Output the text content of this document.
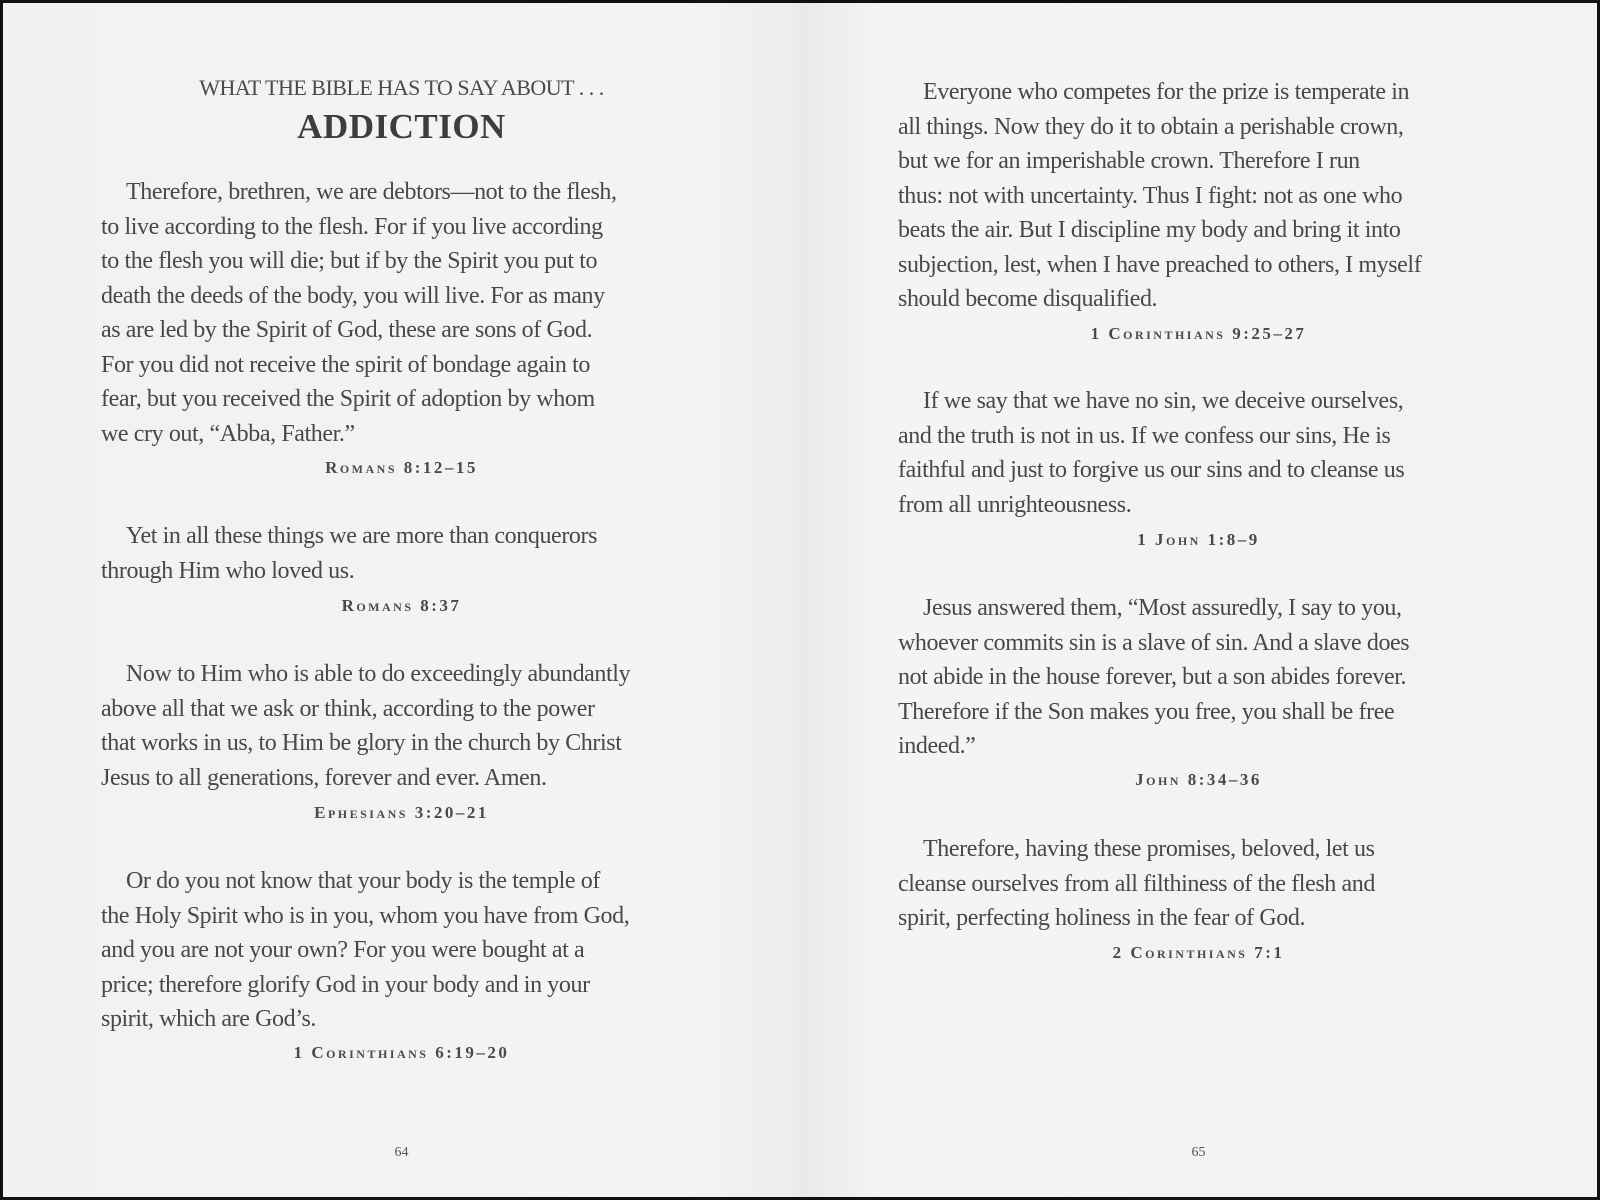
WHAT THE BIBLE HAS TO SAY ABOUT . . .
ADDICTION
Therefore, brethren, we are debtors—not to the flesh,
to live according to the flesh. For if you live according
to the flesh you will die; but if by the Spirit you put to
death the deeds of the body, you will live. For as many
as are led by the Spirit of God, these are sons of God.
For you did not receive the spirit of bondage again to
fear, but you received the Spirit of adoption by whom
we cry out, “Abba, Father.”
Romans 8:12–15
Yet in all these things we are more than conquerors
through Him who loved us.
Romans 8:37
Now to Him who is able to do exceedingly abundantly
above all that we ask or think, according to the power
that works in us, to Him be glory in the church by Christ
Jesus to all generations, forever and ever. Amen.
Ephesians 3:20–21
Or do you not know that your body is the temple of
the Holy Spirit who is in you, whom you have from God,
and you are not your own? For you were bought at a
price; therefore glorify God in your body and in your
spirit, which are God’s.
1 Corinthians 6:19–20
64
Everyone who competes for the prize is temperate in
all things. Now they do it to obtain a perishable crown,
but we for an imperishable crown. Therefore I run
thus: not with uncertainty. Thus I fight: not as one who
beats the air. But I discipline my body and bring it into
subjection, lest, when I have preached to others, I myself
should become disqualified.
1 Corinthians 9:25–27
If we say that we have no sin, we deceive ourselves,
and the truth is not in us. If we confess our sins, He is
faithful and just to forgive us our sins and to cleanse us
from all unrighteousness.
1 John 1:8–9
Jesus answered them, “Most assuredly, I say to you,
whoever commits sin is a slave of sin. And a slave does
not abide in the house forever, but a son abides forever.
Therefore if the Son makes you free, you shall be free
indeed.”
John 8:34–36
Therefore, having these promises, beloved, let us
cleanse ourselves from all filthiness of the flesh and
spirit, perfecting holiness in the fear of God.
2 Corinthians 7:1
65
